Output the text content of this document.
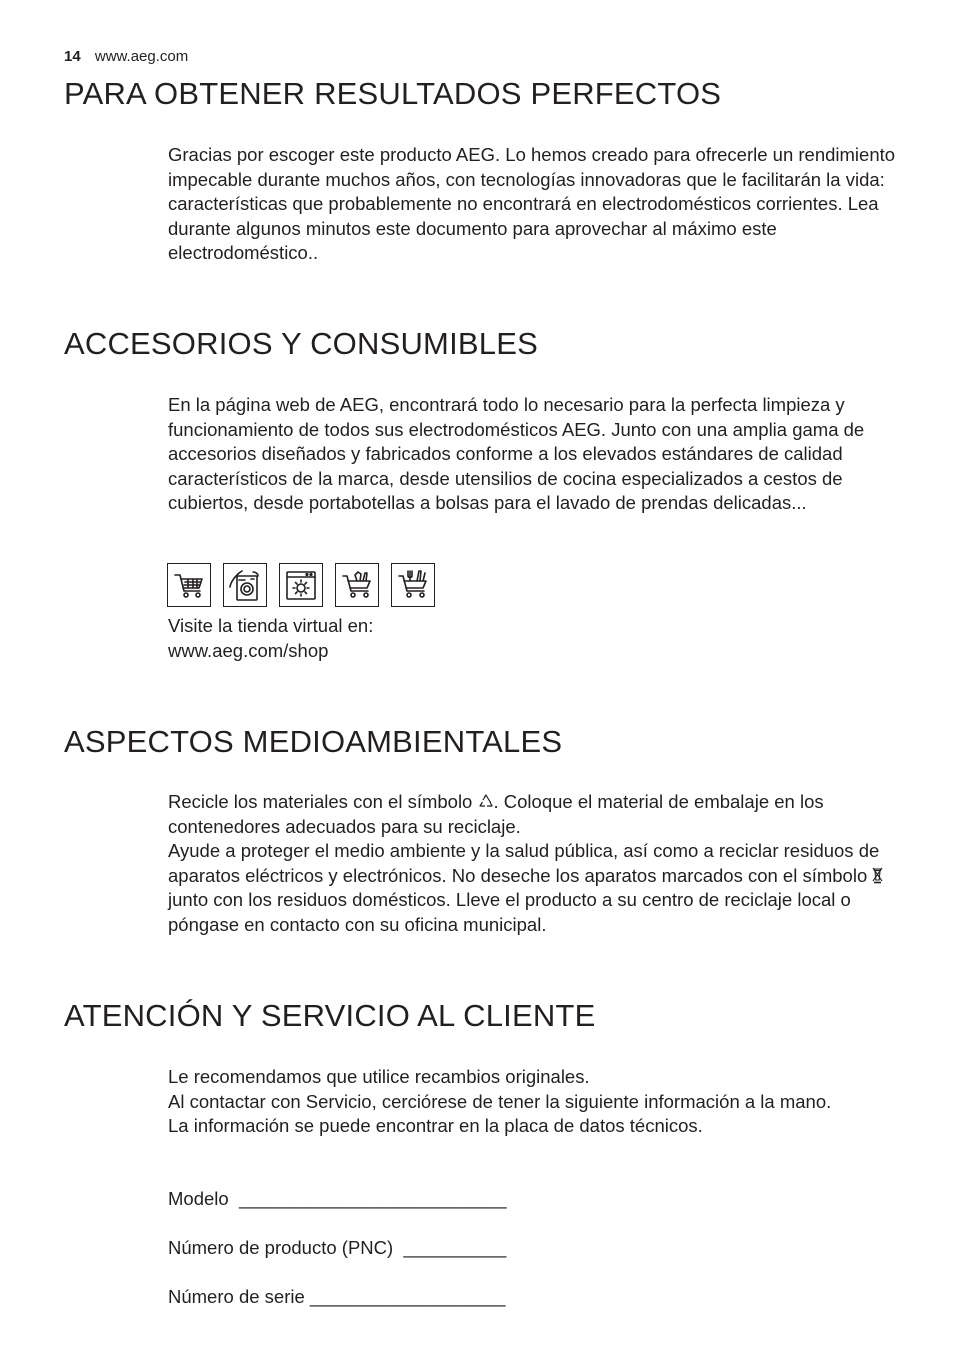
14 www.aeg.com
PARA OBTENER RESULTADOS PERFECTOS

Gracias por escoger este producto AEG. Lo hemos creado para ofrecerle un rendimiento impecable durante muchos años, con tecnologías innovadoras que le facilitarán la vida: características que probablemente no encontrará en electrodomésticos corrientes. Lea durante algunos minutos este documento para aprovechar al máximo este electrodoméstico..

ACCESORIOS Y CONSUMIBLES

En la página web de AEG, encontrará todo lo necesario para la perfecta limpieza y funcionamiento de todos sus electrodomésticos AEG. Junto con una amplia gama de accesorios diseñados y fabricados conforme a los elevados estándares de calidad característicos de la marca, desde utensilios de cocina especializados a cestos de cubiertos, desde portabotellas a bolsas para el lavado de prendas delicadas...

Visite la tienda virtual en:

www.aeg.com/shop

ASPECTOS MEDIOAMBIENTALES

Recicle los materiales con el símbolo . Coloque el material de embalaje en los contenedores adecuados para su reciclaje.

Ayude a proteger el medio ambiente y la salud pública, así como a reciclar residuos de aparatos eléctricos y electrónicos. No deseche los aparatos marcados con el símbolo  junto con los residuos domésticos. Lleve el producto a su centro de reciclaje local o póngase en contacto con su oficina municipal.

ATENCIÓN Y SERVICIO AL CLIENTE

Le recomendamos que utilice recambios originales.

Al contactar con Servicio, cerciórese de tener la siguiente información a la mano.

La información se puede encontrar en la placa de datos técnicos.

Modelo __________________________
Número de producto (PNC) __________
Número de serie ___________________
